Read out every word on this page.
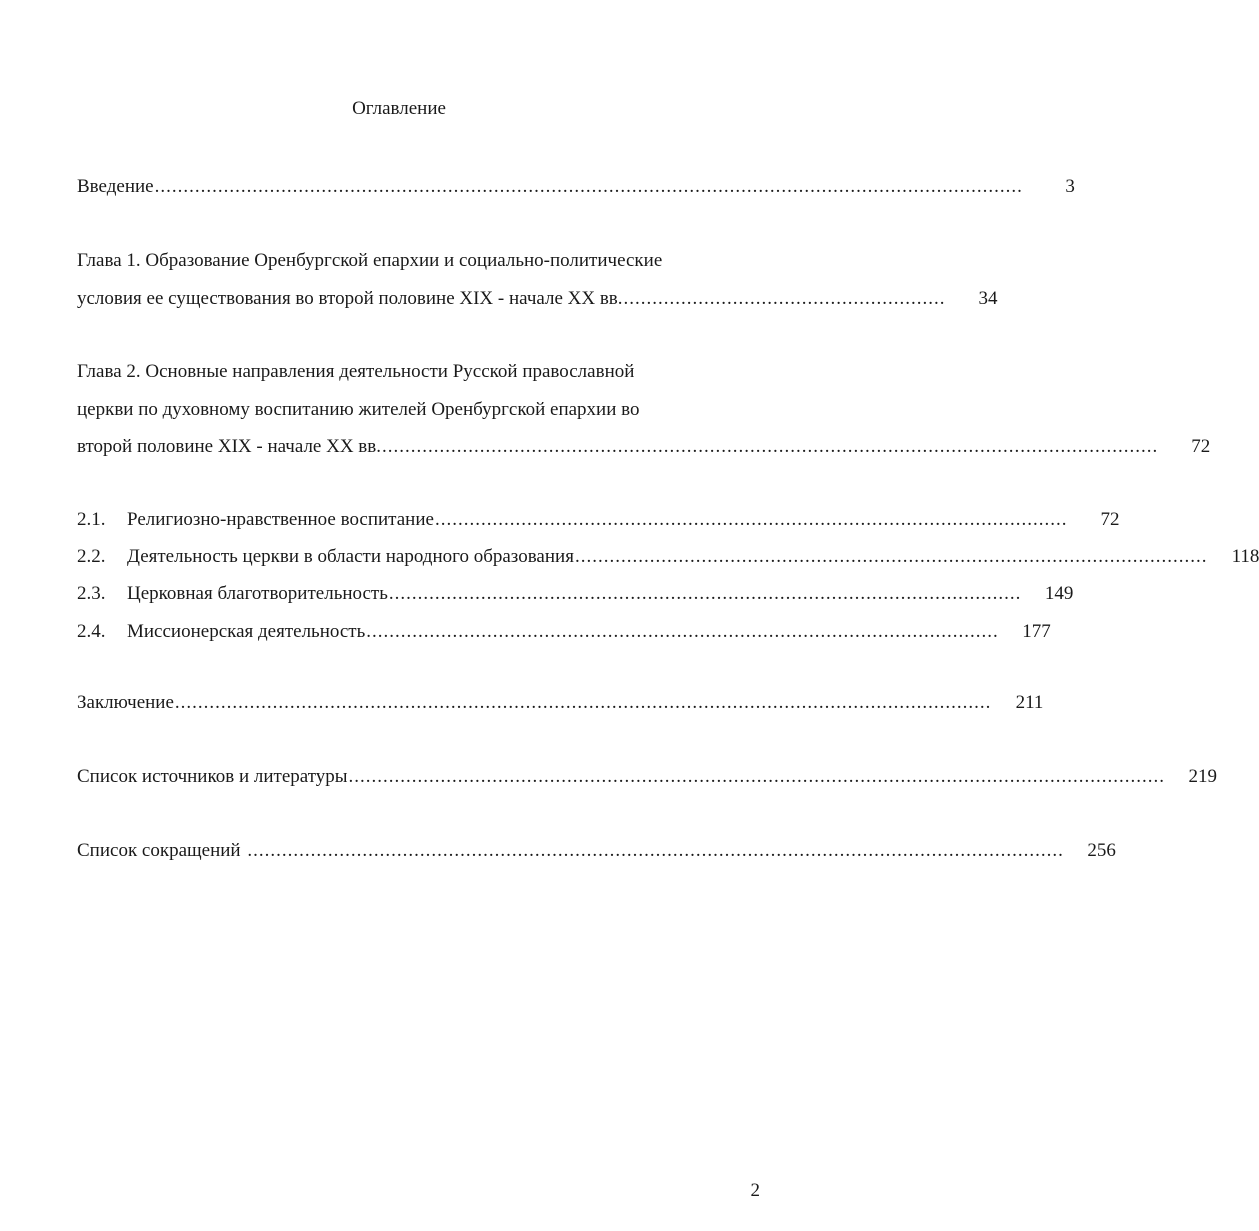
Оглавление
Введение .......................................................................................................................................................	3
Глава 1. Образование Оренбургской епархии и социально-политические
условия ее существования во второй половине XIX - начале XX вв. ........................................................	34
Глава 2. Основные направления деятельности Русской православной
церкви по духовному воспитанию жителей Оренбургской епархии во
второй половине XIX - начале XX вв. .......................................................................................................................................	72
2.1.	Религиозно-нравственное воспитание ..............................................................................................................	72
2.2.	Деятельность церкви в области народного образования ..............................................................................................................	118
2.3.	Церковная благотворительность ..............................................................................................................	149
2.4.	Миссионерская деятельность ..............................................................................................................	177
Заключение ..............................................................................................................................................	211
Список источников и литературы ..............................................................................................................................................	219
Список сокращений ..............................................................................................................................................	256
2
